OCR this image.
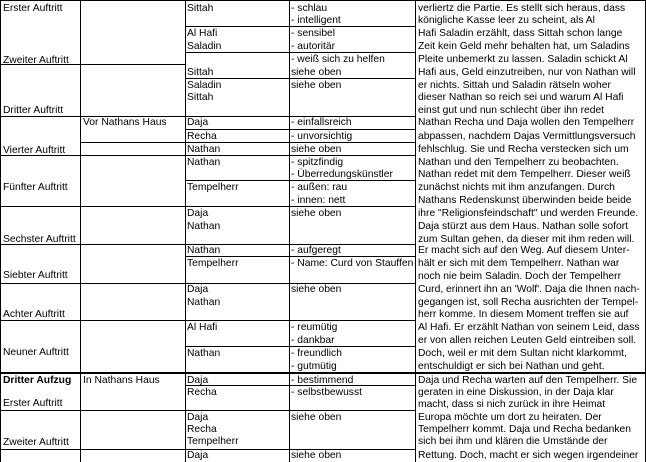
Erster Auftritt
Zweiter Auftritt
Dritter Auftritt
Vierter Auftritt
Fünfter Auftritt
Sechster Auftritt
Siebter Auftritt
Achter Auftritt
Neuner Auftritt
Dritter Aufzug
Erster Auftritt
Zweiter Auftritt
Vor Nathans Haus
In Nathans Haus
Sittah
Al Hafi
Saladin
Sittah
Saladin
Sittah
Daja
Recha
Nathan
Nathan
Tempelherr
Daja
Nathan
Nathan
Tempelherr
Daja
Nathan
Al Hafi
Nathan
Daja
Recha
Daja
Recha
Tempelherr
Daja
- schlau
- intelligent
- sensibel
- autoritär
- weiß sich zu helfen
siehe oben
siehe oben
- einfallsreich
- unvorsichtig
siehe oben
- spitzfindig
- Überredungskünstler
- außen: rau
- innen: nett
siehe oben
- aufgeregt
- Name: Curd von Stauffen
siehe oben
- reumütig
- dankbar
- freundlich
- gutmütig
- bestimmend
- selbstbewusst
siehe oben
siehe oben
verliertz die Partie. Es stellt sich heraus, dass
königliche Kasse leer zu scheint, als Al
Hafi Saladin erzählt, dass Sittah schon lange
Zeit kein Geld mehr behalten hat, um Saladins
Pleite unbemerkt zu lassen. Saladin schickt Al
Hafi aus, Geld einzutreiben, nur von Nathan will
er nichts. Sittah und Saladin rätseln woher
dieser Nathan so reich sei und warum Al Hafi
einst gut und nun schlecht über ihn redet
Nathan Recha und Daja wollen den Tempelherr
abpassen, nachdem Dajas Vermittlungsversuch
fehlschlug. Sie und Recha verstecken sich um
Nathan und den Tempelherr zu beobachten.
Nathan redet mit dem Tempelherr. Dieser weiß
zunächst nichts mit ihm anzufangen. Durch
Nathans Redenskunst überwinden beide beide
ihre "Religionsfeindschaft" und werden Freunde.
Daja stürzt aus dem Haus. Nathan solle sofort
zum Sultan gehen, da dieser mit ihm reden will.
Er macht sich auf den Weg. Auf diesem Unter-
hält er sich mit dem Tempelherr. Nathan war
noch nie beim Saladin. Doch der Tempelherr
Curd, erinnert ihn an 'Wolf'. Daja die Ihnen nach-
gegangen ist, soll Recha ausrichten der Tempel-
herr komme. In diesem Moment treffen sie auf
Al Hafi. Er erzählt Nathan von seinem Leid, dass
er von allen reichen Leuten Geld eintreiben soll.
Doch, weil er mit dem Sultan nicht klarkommt,
entschuldigt er sich bei Nathan und geht.
Daja und Recha warten auf den Tempelherr. Sie
geraten in eine Diskussion, in der Daja klar
macht, dass si nich zurück in ihre Heimat
Europa möchte um dort zu heiraten. Der
Tempelherr kommt. Daja und Recha bedanken
sich bei ihm und klären die Umstände der
Rettung. Doch, macht er sich wegen irgendeiner
